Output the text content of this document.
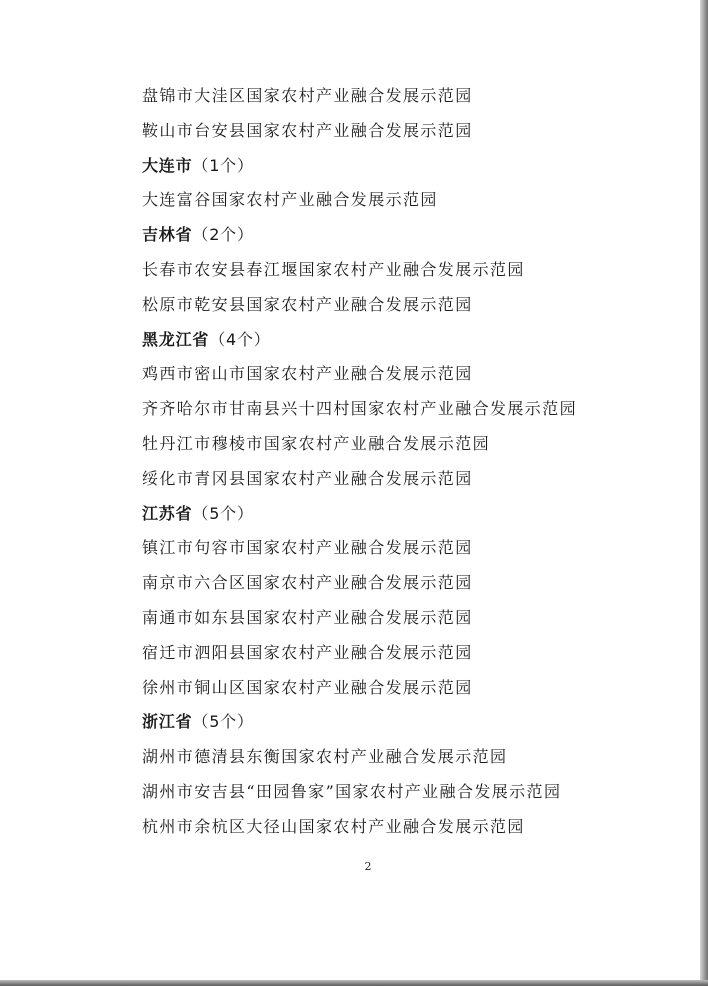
盘锦市大洼区国家农村产业融合发展示范园
鞍山市台安县国家农村产业融合发展示范园
大连市（1个）
大连富谷国家农村产业融合发展示范园
吉林省（2个）
长春市农安县春江堰国家农村产业融合发展示范园
松原市乾安县国家农村产业融合发展示范园
黑龙江省（4个）
鸡西市密山市国家农村产业融合发展示范园
齐齐哈尔市甘南县兴十四村国家农村产业融合发展示范园
牡丹江市穆棱市国家农村产业融合发展示范园
绥化市青冈县国家农村产业融合发展示范园
江苏省（5个）
镇江市句容市国家农村产业融合发展示范园
南京市六合区国家农村产业融合发展示范园
南通市如东县国家农村产业融合发展示范园
宿迁市泗阳县国家农村产业融合发展示范园
徐州市铜山区国家农村产业融合发展示范园
浙江省（5个）
湖州市德清县东衡国家农村产业融合发展示范园
湖州市安吉县“田园鲁家”国家农村产业融合发展示范园
杭州市余杭区大径山国家农村产业融合发展示范园
2
